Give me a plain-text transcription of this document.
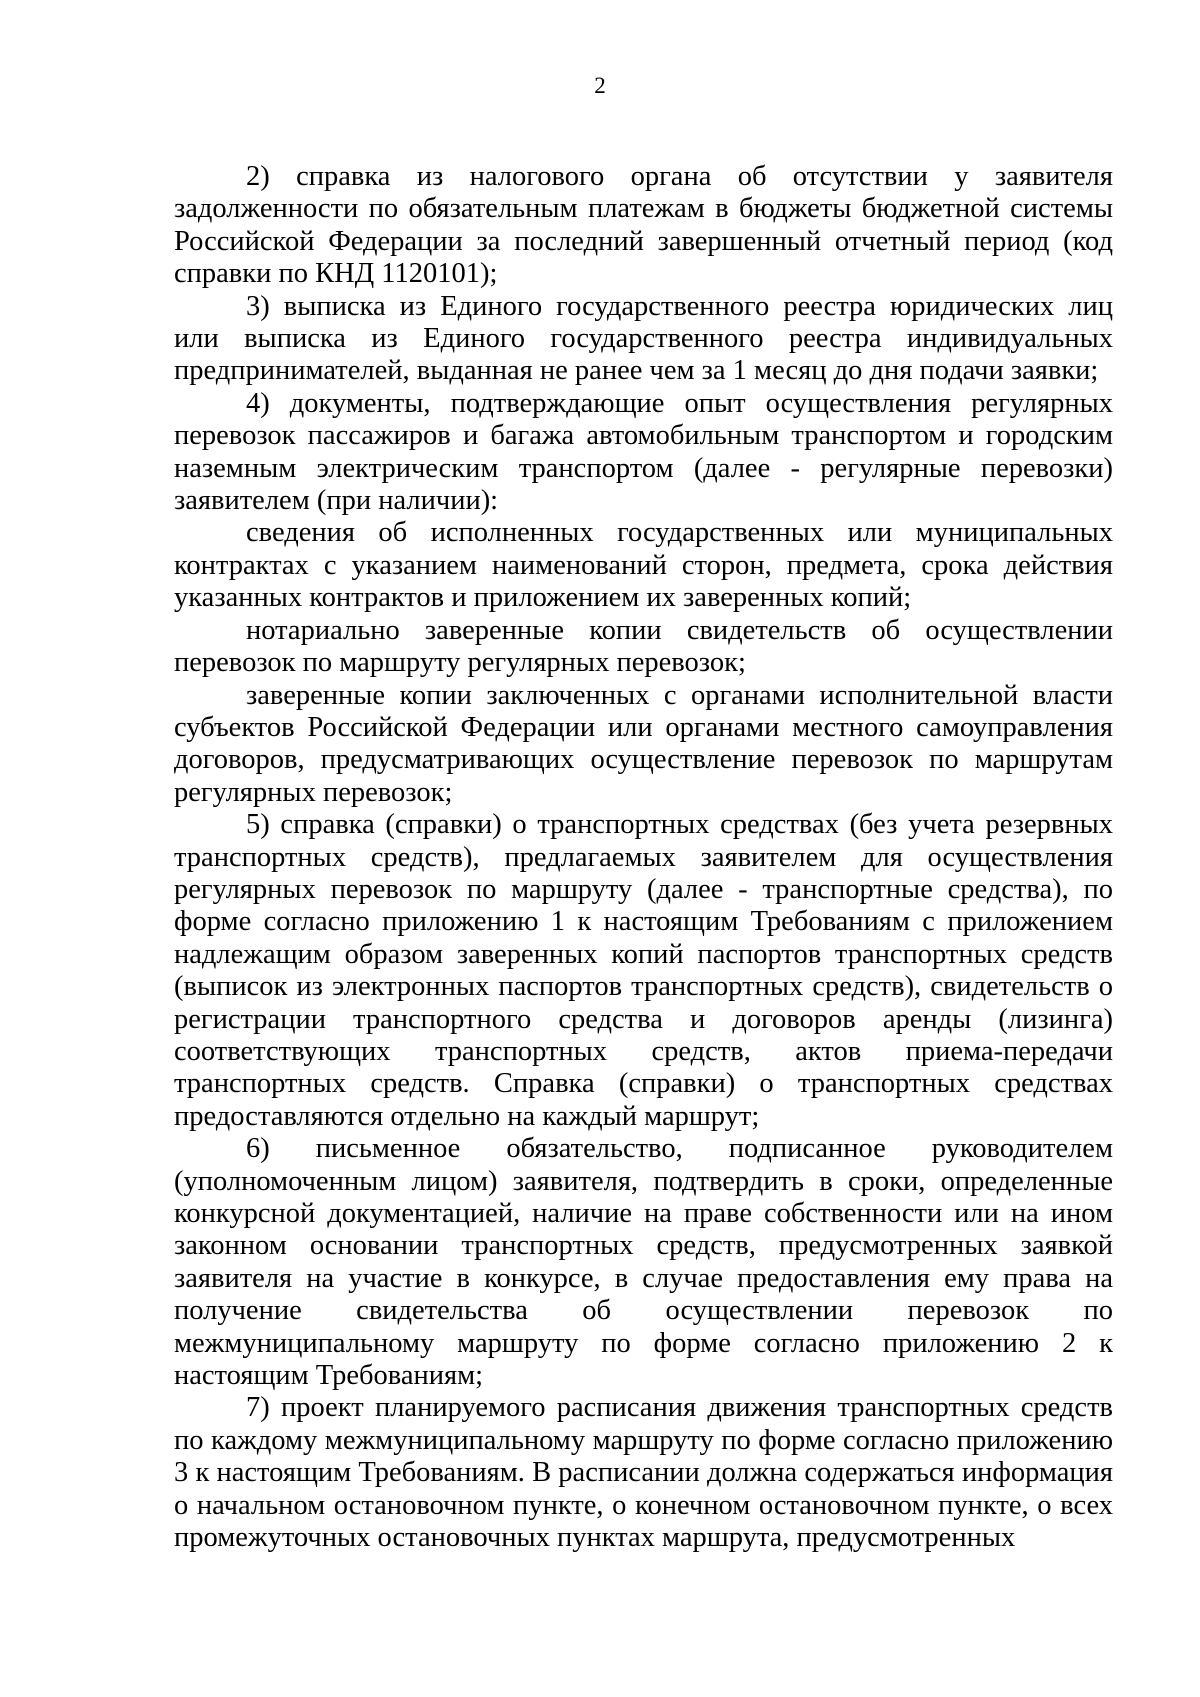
2

2) справка из налогового органа об отсутствии у заявителя задолженности по обязательным платежам в бюджеты бюджетной системы Российской Федерации за последний завершенный отчетный период (код справки по КНД 1120101);

3) выписка из Единого государственного реестра юридических лиц или выписка из Единого государственного реестра индивидуальных предпринимателей, выданная не ранее чем за 1 месяц до дня подачи заявки;

4) документы, подтверждающие опыт осуществления регулярных перевозок пассажиров и багажа автомобильным транспортом и городским наземным электрическим транспортом (далее - регулярные перевозки) заявителем (при наличии):

сведения об исполненных государственных или муниципальных контрактах с указанием наименований сторон, предмета, срока действия указанных контрактов и приложением их заверенных копий;

нотариально заверенные копии свидетельств об осуществлении перевозок по маршруту регулярных перевозок;

заверенные копии заключенных с органами исполнительной власти субъектов Российской Федерации или органами местного самоуправления договоров, предусматривающих осуществление перевозок по маршрутам регулярных перевозок;

5) справка (справки) о транспортных средствах (без учета резервных транспортных средств), предлагаемых заявителем для осуществления регулярных перевозок по маршруту (далее - транспортные средства), по форме согласно приложению 1 к настоящим Требованиям с приложением надлежащим образом заверенных копий паспортов транспортных средств (выписок из электронных паспортов транспортных средств), свидетельств о регистрации транспортного средства и договоров аренды (лизинга) соответствующих транспортных средств, актов приема-передачи транспортных средств. Справка (справки) о транспортных средствах предоставляются отдельно на каждый маршрут;

6) письменное обязательство, подписанное руководителем (уполномоченным лицом) заявителя, подтвердить в сроки, определенные конкурсной документацией, наличие на праве собственности или на ином законном основании транспортных средств, предусмотренных заявкой заявителя на участие в конкурсе, в случае предоставления ему права на получение свидетельства об осуществлении перевозок по межмуниципальному маршруту по форме согласно приложению 2 к настоящим Требованиям;

7) проект планируемого расписания движения транспортных средств по каждому межмуниципальному маршруту по форме согласно приложению 3 к настоящим Требованиям. В расписании должна содержаться информация о начальном остановочном пункте, о конечном остановочном пункте, о всех промежуточных остановочных пунктах маршрута, предусмотренных
